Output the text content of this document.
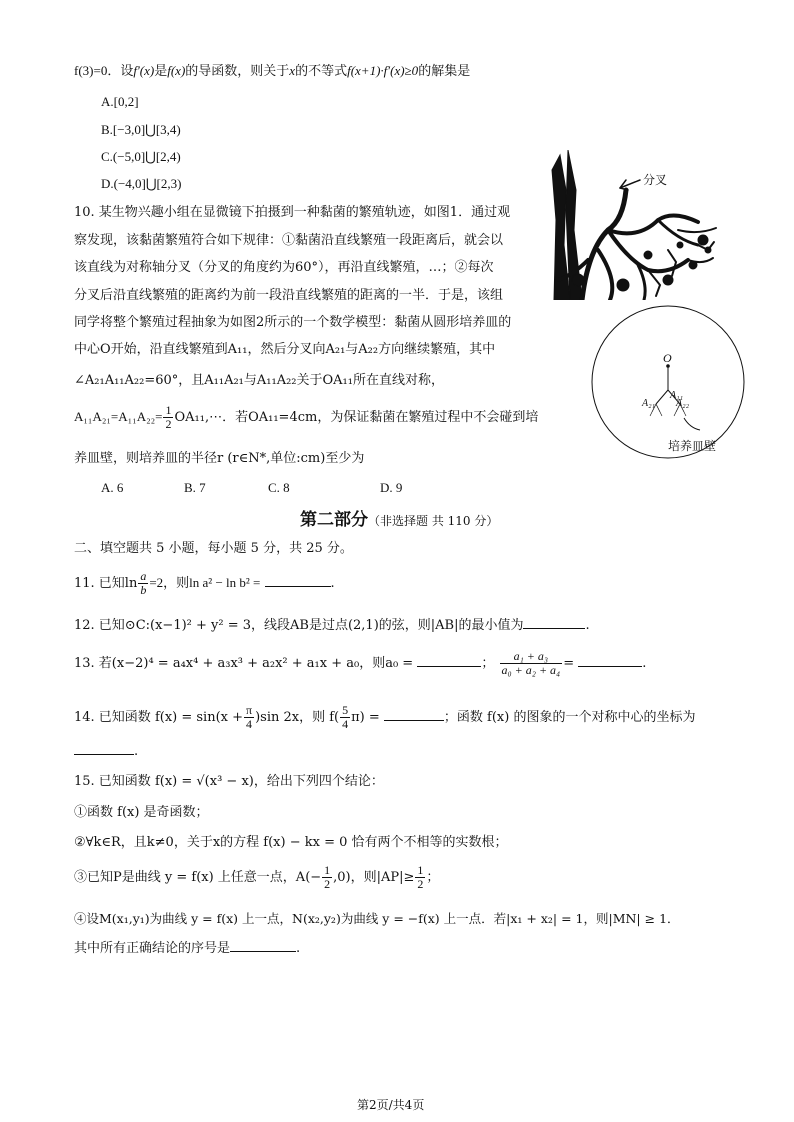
f(3)=0．设f′(x)是f(x)的导函数，则关于x的不等式f(x+1)·f′(x)≥0的解集是
A.[0,2]
B.[−3,0]⋃[3,4)
C.(−5,0]⋃[2,4)
D.(−4,0]⋃[2,3)	分叉
O
A₁₁
A₂₁ A₂₂
培养皿壁
10. 某生物兴趣小组在显微镜下拍摄到一种黏菌的繁殖轨迹，如图1．通过观
察发现，该黏菌繁殖符合如下规律：①黏菌沿直线繁殖一段距离后，就会以
该直线为对称轴分叉（分叉的角度约为60°），再沿直线繁殖，…；②每次
分叉后沿直线繁殖的距离约为前一段沿直线繁殖的距离的一半．于是，该组
同学将整个繁殖过程抽象为如图2所示的一个数学模型：黏菌从圆形培养皿的
中心O开始，沿直线繁殖到A₁₁，然后分叉向A₂₁与A₂₂方向继续繁殖，其中
∠A₂₁A₁₁A₂₂=60°，且A₁₁A₂₁与A₁₁A₂₂关于OA₁₁所在直线对称，
$A_{11}A_{21}=A_{11}A_{22}= \frac{1}{2}$ OA₁₁,⋯．若OA₁₁=4cm，为保证黏菌在繁殖过程中不会碰到培
养皿壁，则培养皿的半径r (r∈N*,单位:cm)至少为
A. 6	B. 7	C. 8	D. 9
第二部分（非选择题 共 110 分）
二、填空题共 5 小题，每小题 5 分，共 25 分。
11. 已知$\ln \frac{a}{b} =2$，则ln a² − ln b² =	.
12. 已知⊙C:(x−1)² + y² = 3，线段AB是过点(2,1)的弦，则|AB|的最小值为	.
13. 若(x−2)⁴ = a₄x⁴ + a₃x³ + a₂x² + a₁x + a₀，则a₀ =	； $\frac{\text{a₁ + a₃}}{\text{a₀ + a₂ + a₄}}$ =	.
14. 已知函数 $f(x) = \sin(x + \frac{\pi}{4} )\sin$ 2x，则 $f( \frac{5}{4} \pi)$ =	；函数 f(x) 的图象的一个对称中心的坐标为
.
15. 已知函数 f(x) = √(x³ − x)，给出下列四个结论：
①函数 f(x) 是奇函数；
②∀k∈R，且k≠0，关于x的方程 f(x) − kx = 0 恰有两个不相等的实数根；
③已知P是曲线 y = f(x) 上任意一点，$A(- \frac{1}{2} ,0)$，则$|AP|\ge \frac{1}{2}$ ；
④设M(x₁,y₁)为曲线 y = f(x) 上一点，N(x₂,y₂)为曲线 y = −f(x) 上一点．若|x₁ + x₂| = 1，则|MN| ≥ 1．
其中所有正确结论的序号是	.
第2页/共4页
